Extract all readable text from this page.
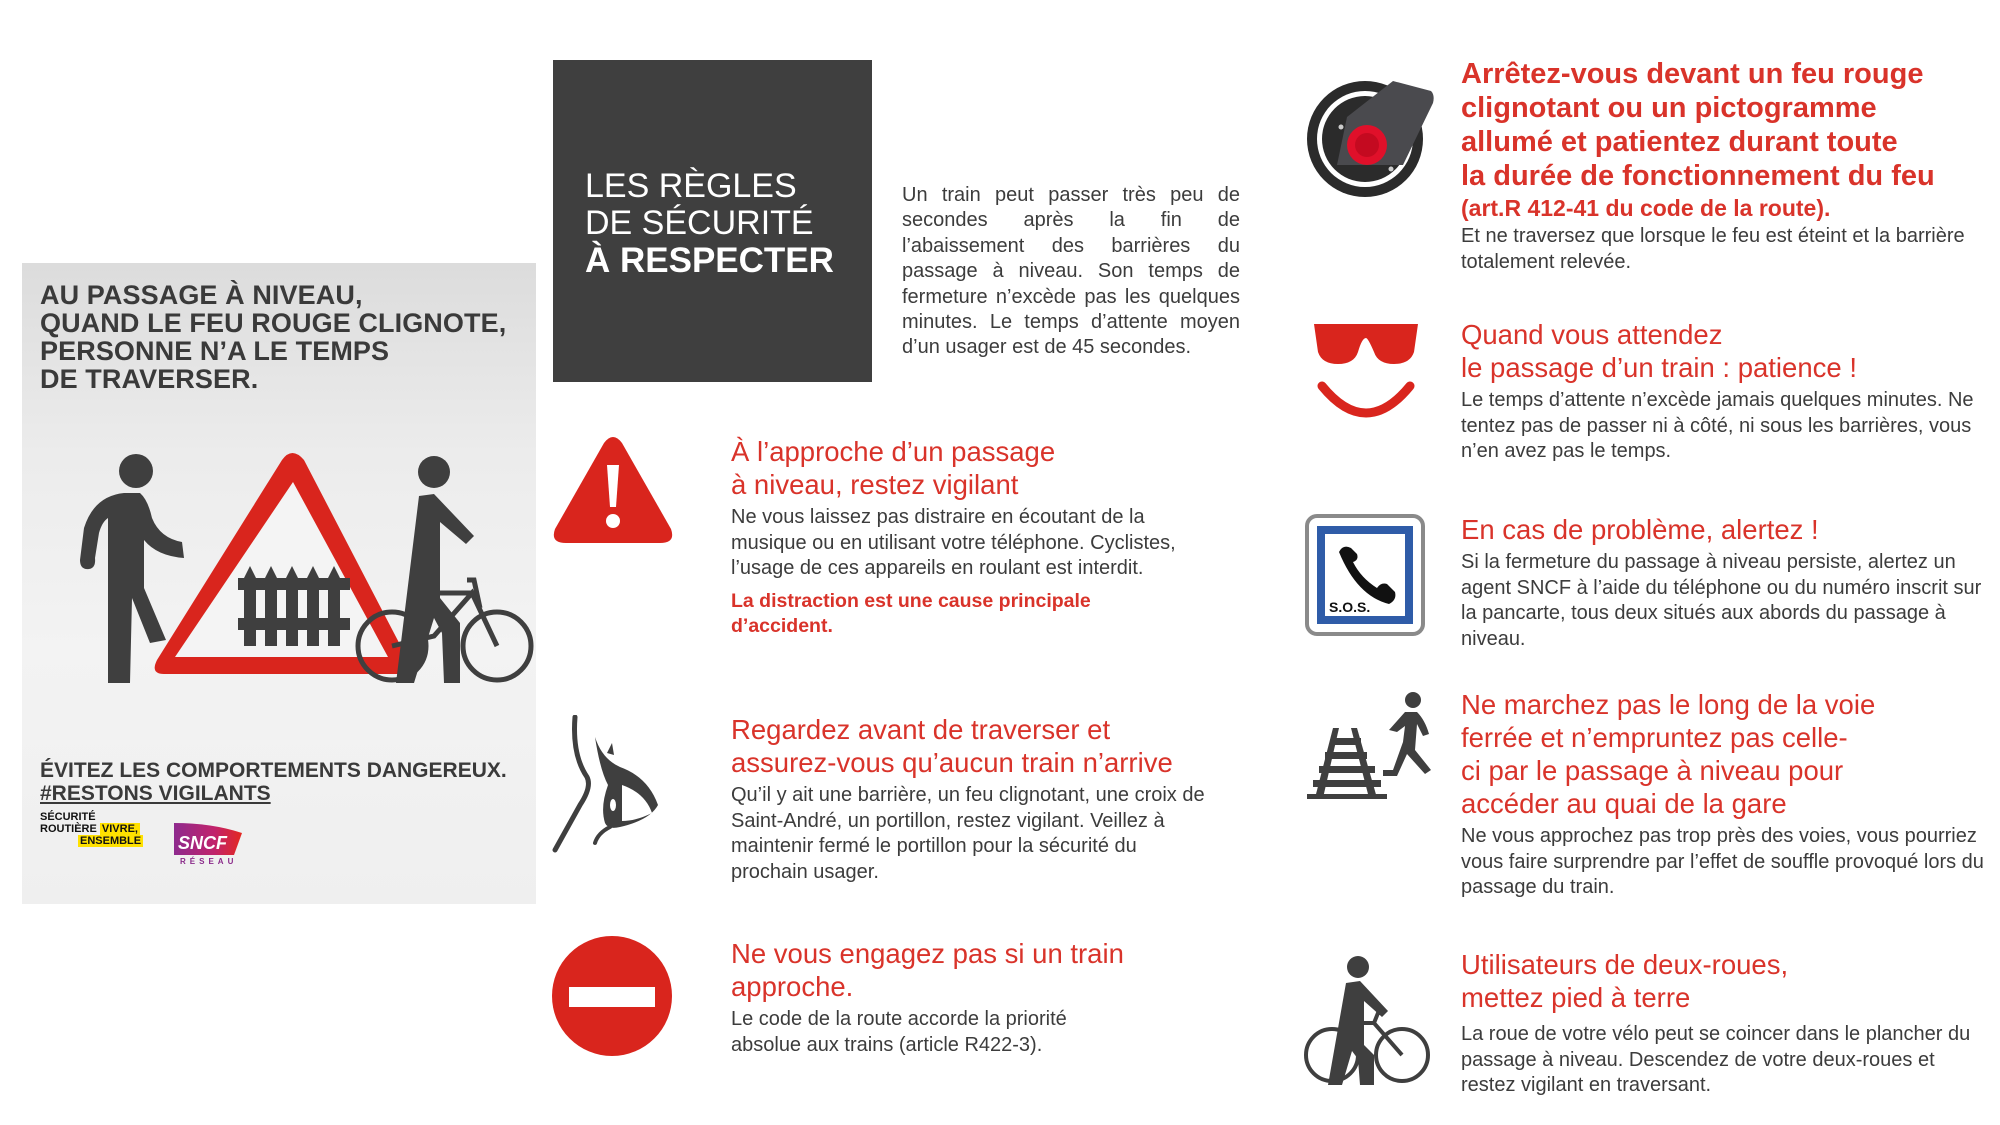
AU PASSAGE À NIVEAU,
QUAND LE FEU ROUGE CLIGNOTE,
PERSONNE N’A LE TEMPS
DE TRAVERSER.
ÉVITEZ LES COMPORTEMENTS DANGEREUX.
#RESTONS VIGILANTS
SÉCURITÉ
ROUTIÈRE VIVRE,
ENSEMBLE SNCF
RÉSEAU
LES RÈGLES
DE SÉCURITÉ
À RESPECTER
Un train peut passer très peu de secondes après la fin de l’abaissement des barrières du passage à niveau. Son temps de fermeture n’excède pas les quelques minutes. Le temps d’attente moyen d’un usager est de 45 secondes.
À l’approche d’un passage
à niveau, restez vigilant
Ne vous laissez pas distraire en écoutant de la musique ou en utilisant votre téléphone. Cyclistes, l’usage de ces appareils en roulant est interdit.
La distraction est une cause principale d’accident.
Regardez avant de traverser et
assurez-vous qu’aucun train n’arrive
Qu’il y ait une barrière, un feu clignotant, une croix de Saint-André, un portillon, restez vigilant. Veillez à maintenir fermé le portillon pour la sécurité du prochain usager.
Ne vous engagez pas si un train
approche.
Le code de la route accorde la priorité absolue aux trains (article R422-3).
Arrêtez-vous devant un feu rouge
clignotant ou un pictogramme
allumé et patientez durant toute
la durée de fonctionnement du feu
(art.R 412-41 du code de la route).
Et ne traversez que lorsque le feu est éteint et la barrière totalement relevée.
Quand vous attendez
le passage d’un train : patience !
Le temps d’attente n’excède jamais quelques minutes. Ne tentez pas de passer ni à côté, ni sous les barrières, vous n’en avez pas le temps.
S.O.S.
En cas de problème, alertez !
Si la fermeture du passage à niveau persiste, alertez un agent SNCF à l’aide du téléphone ou du numéro inscrit sur la pancarte, tous deux situés aux abords du passage à niveau.
Ne marchez pas le long de la voie
ferrée et n’empruntez pas celle-
ci par le passage à niveau pour
accéder au quai de la gare
Ne vous approchez pas trop près des voies, vous pourriez vous faire surprendre par l’effet de souffle provoqué lors du passage du train.
Utilisateurs de deux-roues,
mettez pied à terre
La roue de votre vélo peut se coincer dans le plancher du passage à niveau. Descendez de votre deux-roues et restez vigilant en traversant.
